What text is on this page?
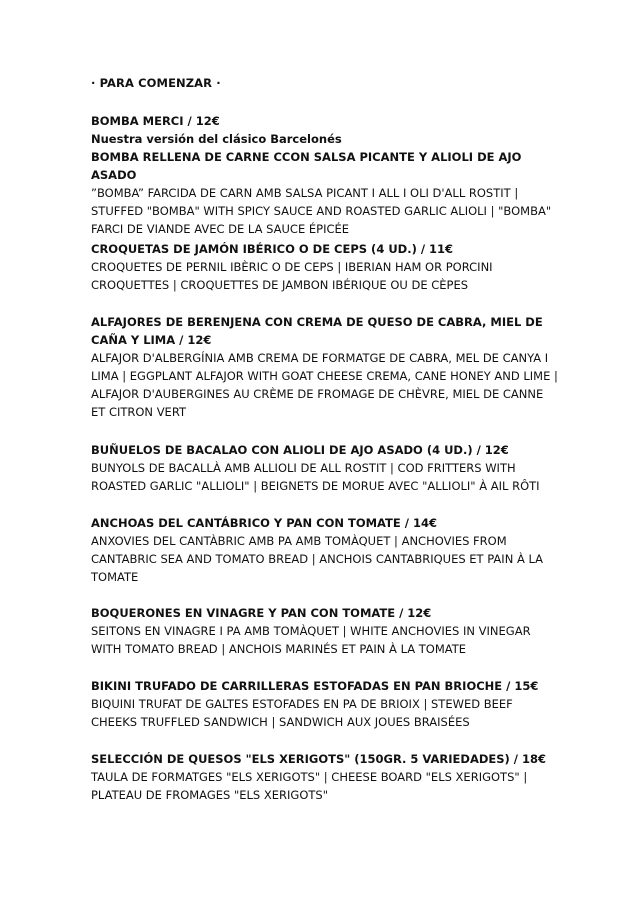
· PARA COMENZAR ·
BOMBA MERCI / 12€
Nuestra versión del clásico Barcelonés
BOMBA RELLENA DE CARNE CCON SALSA PICANTE Y ALIOLI DE AJO ASADO
”BOMBA” FARCIDA DE CARN AMB SALSA PICANT I ALL I OLI D'ALL ROSTIT | STUFFED "BOMBA" WITH SPICY SAUCE AND ROASTED GARLIC ALIOLI | "BOMBA" FARCI DE VIANDE AVEC DE LA SAUCE ÉPICÉE
CROQUETAS DE JAMÓN IBÉRICO O DE CEPS (4 UD.) / 11€
CROQUETES DE PERNIL IBÈRIC O DE CEPS | IBERIAN HAM OR PORCINI CROQUETTES | CROQUETTES DE JAMBON IBÉRIQUE OU DE CÈPES
ALFAJORES DE BERENJENA CON CREMA DE QUESO DE CABRA, MIEL DE CAÑA Y LIMA / 12€
ALFAJOR D'ALBERGÍNIA AMB CREMA DE FORMATGE DE CABRA, MEL DE CANYA I LIMA | EGGPLANT ALFAJOR WITH GOAT CHEESE CREMA, CANE HONEY AND LIME | ALFAJOR D'AUBERGINES AU CRÈME DE FROMAGE DE CHÈVRE, MIEL DE CANNE ET CITRON VERT
BUÑUELOS DE BACALAO CON ALIOLI DE AJO ASADO (4 UD.) / 12€
BUNYOLS DE BACALLÀ AMB ALLIOLI DE ALL ROSTIT | COD FRITTERS WITH ROASTED GARLIC "ALLIOLI" | BEIGNETS DE MORUE AVEC "ALLIOLI" À AIL RÔTI
ANCHOAS DEL CANTÁBRICO Y PAN CON TOMATE / 14€
ANXOVIES DEL CANTÀBRIC AMB PA AMB TOMÀQUET | ANCHOVIES FROM CANTABRIC SEA AND TOMATO BREAD | ANCHOIS CANTABRIQUES ET PAIN À LA TOMATE
BOQUERONES EN VINAGRE Y PAN CON TOMATE / 12€
SEITONS EN VINAGRE I PA AMB TOMÀQUET | WHITE ANCHOVIES IN VINEGAR WITH TOMATO BREAD | ANCHOIS MARINÉS ET PAIN À LA TOMATE
BIKINI TRUFADO DE CARRILLERAS ESTOFADAS EN PAN BRIOCHE / 15€
BIQUINI TRUFAT DE GALTES ESTOFADES EN PA DE BRIOIX | STEWED BEEF CHEEKS TRUFFLED SANDWICH | SANDWICH AUX JOUES BRAISÉES
SELECCIÓN DE QUESOS "ELS XERIGOTS" (150GR. 5 VARIEDADES) / 18€
TAULA DE FORMATGES "ELS XERIGOTS" | CHEESE BOARD "ELS XERIGOTS" | PLATEAU DE FROMAGES "ELS XERIGOTS"
